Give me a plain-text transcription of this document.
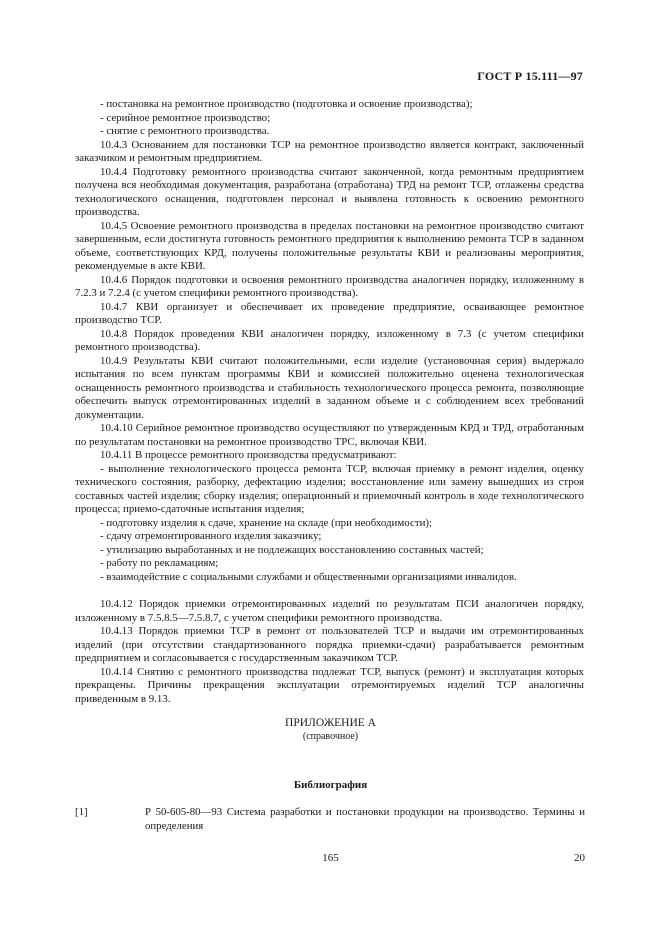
ГОСТ Р 15.111—97

- постановка на ремонтное производство (подготовка и освоение производства);

- серийное ремонтное производство;

- снятие с ремонтного производства.

10.4.3 Основанием для постановки ТСР на ремонтное производство является контракт, заключенный заказчиком и ремонтным предприятием.

10.4.4 Подготовку ремонтного производства считают законченной, когда ремонтным предприятием получена вся необходимая документация, разработана (отработана) ТРД на ремонт ТСР, отлажены средства технологического оснащения, подготовлен персонал и выявлена готовность к освоению ремонтного производства.

10.4.5 Освоение ремонтного производства в пределах постановки на ремонтное производство считают завершенным, если достигнута готовность ремонтного предприятия к выполнению ремонта ТСР в заданном объеме, соответствующих КРД, получены положительные результаты КВИ и реализованы мероприятия, рекомендуемые в акте КВИ.

10.4.6 Порядок подготовки и освоения ремонтного производства аналогичен порядку, изложенному в 7.2.3 и 7.2.4 (с учетом специфики ремонтного производства).

10.4.7 КВИ организует и обеспечивает их проведение предприятие, осваивающее ремонтное производство ТСР.

10.4.8 Порядок проведения КВИ аналогичен порядку, изложенному в 7.3 (с учетом специфики ремонтного производства).

10.4.9 Результаты КВИ считают положительными, если изделие (установочная серия) выдержало испытания по всем пунктам программы КВИ и комиссией положительно оценена технологическая оснащенность ремонтного производства и стабильность технологического процесса ремонта, позволяющие обеспечить выпуск отремонтированных изделий в заданном объеме и с соблюдением всех требований документации.

10.4.10 Серийное ремонтное производство осуществляют по утвержденным КРД и ТРД, отработанным по результатам постановки на ремонтное производство ТРС, включая КВИ.

10.4.11 В процессе ремонтного производства предусматривают:

- выполнение технологического процесса ремонта ТСР, включая приемку в ремонт изделия, оценку технического состояния, разборку, дефектацию изделия; восстановление или замену вышедших из строя составных частей изделия; сборку изделия; операционный и приемочный контроль в ходе технологического процесса; приемо-сдаточные испытания изделия;

- подготовку изделия к сдаче, хранение на складе (при необходимости);

- сдачу отремонтированного изделия заказчику;

- утилизацию выработанных и не подлежащих восстановлению составных частей;

- работу по рекламациям;

- взаимодействие с социальными службами и общественными организациями инвалидов.

10.4.12 Порядок приемки отремонтированных изделий по результатам ПСИ аналогичен порядку, изложенному в 7.5.8.5—7.5.8.7, с учетом специфики ремонтного производства.

10.4.13 Порядок приемки ТСР в ремонт от пользователей ТСР и выдачи им отремонтированных изделий (при отсутствии стандартизованного порядка приемки-сдачи) разрабатывается ремонтным предприятием и согласовывается с государственным заказчиком ТСР.

10.4.14 Снятию с ремонтного производства подлежат ТСР, выпуск (ремонт) и эксплуатация которых прекращены. Причины прекращения эксплуатации отремонтируемых изделий ТСР аналогичны приведенным в 9.13.

ПРИЛОЖЕНИЕ А
(справочное)
Библиография
[1]	Р 50-605-80—93 Система разработки и постановки продукции на производство. Термины и определения
165	20
